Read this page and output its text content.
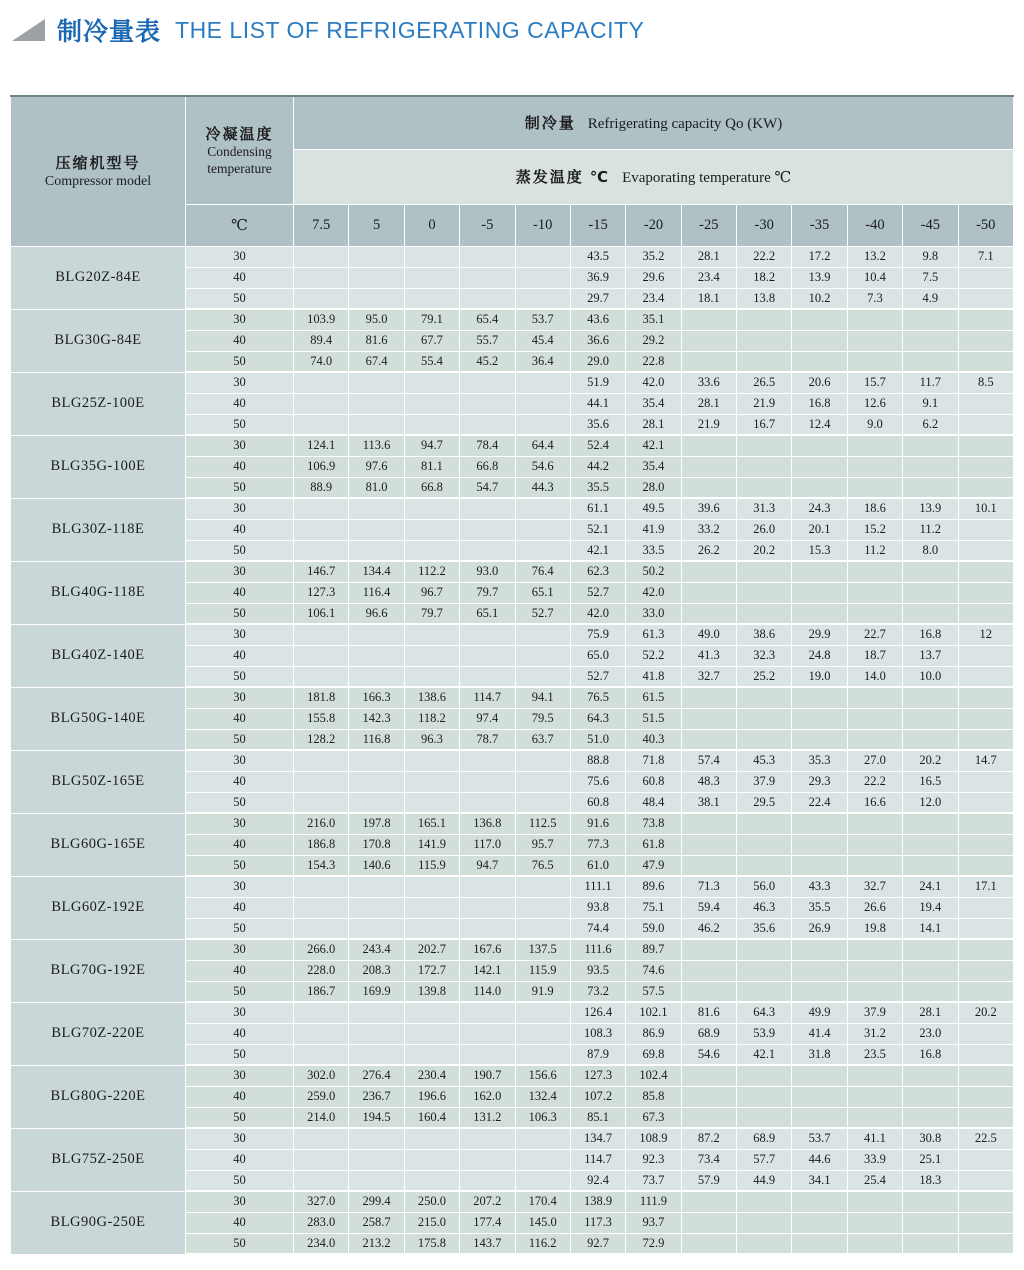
制冷量表 THE LIST OF REFRIGERATING CAPACITY
压缩机型号
Compressor model

冷凝温度
Condensing
temperature
	制冷量 Refrigerating capacity Qo (KW)
		蒸发温度 ℃ Evaporating temperature ℃												
	℃	7.5	5	0	-5	-10	-15	-20	-25	-30	-35	-40	-45	-50
BLG20Z-84E	30						43.5	35.2	28.1	22.2	17.2	13.2	9.8	7.1
	40						36.9	29.6	23.4	18.2	13.9	10.4	7.5	
	50						29.7	23.4	18.1	13.8	10.2	7.3	4.9	
BLG30G-84E	30	103.9	95.0	79.1	65.4	53.7	43.6	35.1						
	40	89.4	81.6	67.7	55.7	45.4	36.6	29.2						
	50	74.0	67.4	55.4	45.2	36.4	29.0	22.8						
BLG25Z-100E	30						51.9	42.0	33.6	26.5	20.6	15.7	11.7	8.5
	40						44.1	35.4	28.1	21.9	16.8	12.6	9.1	
	50						35.6	28.1	21.9	16.7	12.4	9.0	6.2	
BLG35G-100E	30	124.1	113.6	94.7	78.4	64.4	52.4	42.1						
	40	106.9	97.6	81.1	66.8	54.6	44.2	35.4						
	50	88.9	81.0	66.8	54.7	44.3	35.5	28.0						
BLG30Z-118E	30						61.1	49.5	39.6	31.3	24.3	18.6	13.9	10.1
	40						52.1	41.9	33.2	26.0	20.1	15.2	11.2	
	50						42.1	33.5	26.2	20.2	15.3	11.2	8.0	
BLG40G-118E	30	146.7	134.4	112.2	93.0	76.4	62.3	50.2						
	40	127.3	116.4	96.7	79.7	65.1	52.7	42.0						
	50	106.1	96.6	79.7	65.1	52.7	42.0	33.0						
BLG40Z-140E	30						75.9	61.3	49.0	38.6	29.9	22.7	16.8	12
	40						65.0	52.2	41.3	32.3	24.8	18.7	13.7	
	50						52.7	41.8	32.7	25.2	19.0	14.0	10.0	
BLG50G-140E	30	181.8	166.3	138.6	114.7	94.1	76.5	61.5						
	40	155.8	142.3	118.2	97.4	79.5	64.3	51.5						
	50	128.2	116.8	96.3	78.7	63.7	51.0	40.3						
BLG50Z-165E	30						88.8	71.8	57.4	45.3	35.3	27.0	20.2	14.7
	40						75.6	60.8	48.3	37.9	29.3	22.2	16.5	
	50						60.8	48.4	38.1	29.5	22.4	16.6	12.0	
BLG60G-165E	30	216.0	197.8	165.1	136.8	112.5	91.6	73.8						
	40	186.8	170.8	141.9	117.0	95.7	77.3	61.8						
	50	154.3	140.6	115.9	94.7	76.5	61.0	47.9						
BLG60Z-192E	30						111.1	89.6	71.3	56.0	43.3	32.7	24.1	17.1
	40						93.8	75.1	59.4	46.3	35.5	26.6	19.4	
	50						74.4	59.0	46.2	35.6	26.9	19.8	14.1	
BLG70G-192E	30	266.0	243.4	202.7	167.6	137.5	111.6	89.7						
	40	228.0	208.3	172.7	142.1	115.9	93.5	74.6						
	50	186.7	169.9	139.8	114.0	91.9	73.2	57.5						
BLG70Z-220E	30						126.4	102.1	81.6	64.3	49.9	37.9	28.1	20.2
	40						108.3	86.9	68.9	53.9	41.4	31.2	23.0	
	50						87.9	69.8	54.6	42.1	31.8	23.5	16.8	
BLG80G-220E	30	302.0	276.4	230.4	190.7	156.6	127.3	102.4						
	40	259.0	236.7	196.6	162.0	132.4	107.2	85.8						
	50	214.0	194.5	160.4	131.2	106.3	85.1	67.3						
BLG75Z-250E	30						134.7	108.9	87.2	68.9	53.7	41.1	30.8	22.5
	40						114.7	92.3	73.4	57.7	44.6	33.9	25.1	
	50						92.4	73.7	57.9	44.9	34.1	25.4	18.3	
BLG90G-250E	30	327.0	299.4	250.0	207.2	170.4	138.9	111.9						
	40	283.0	258.7	215.0	177.4	145.0	117.3	93.7						
	50	234.0	213.2	175.8	143.7	116.2	92.7	72.9						
